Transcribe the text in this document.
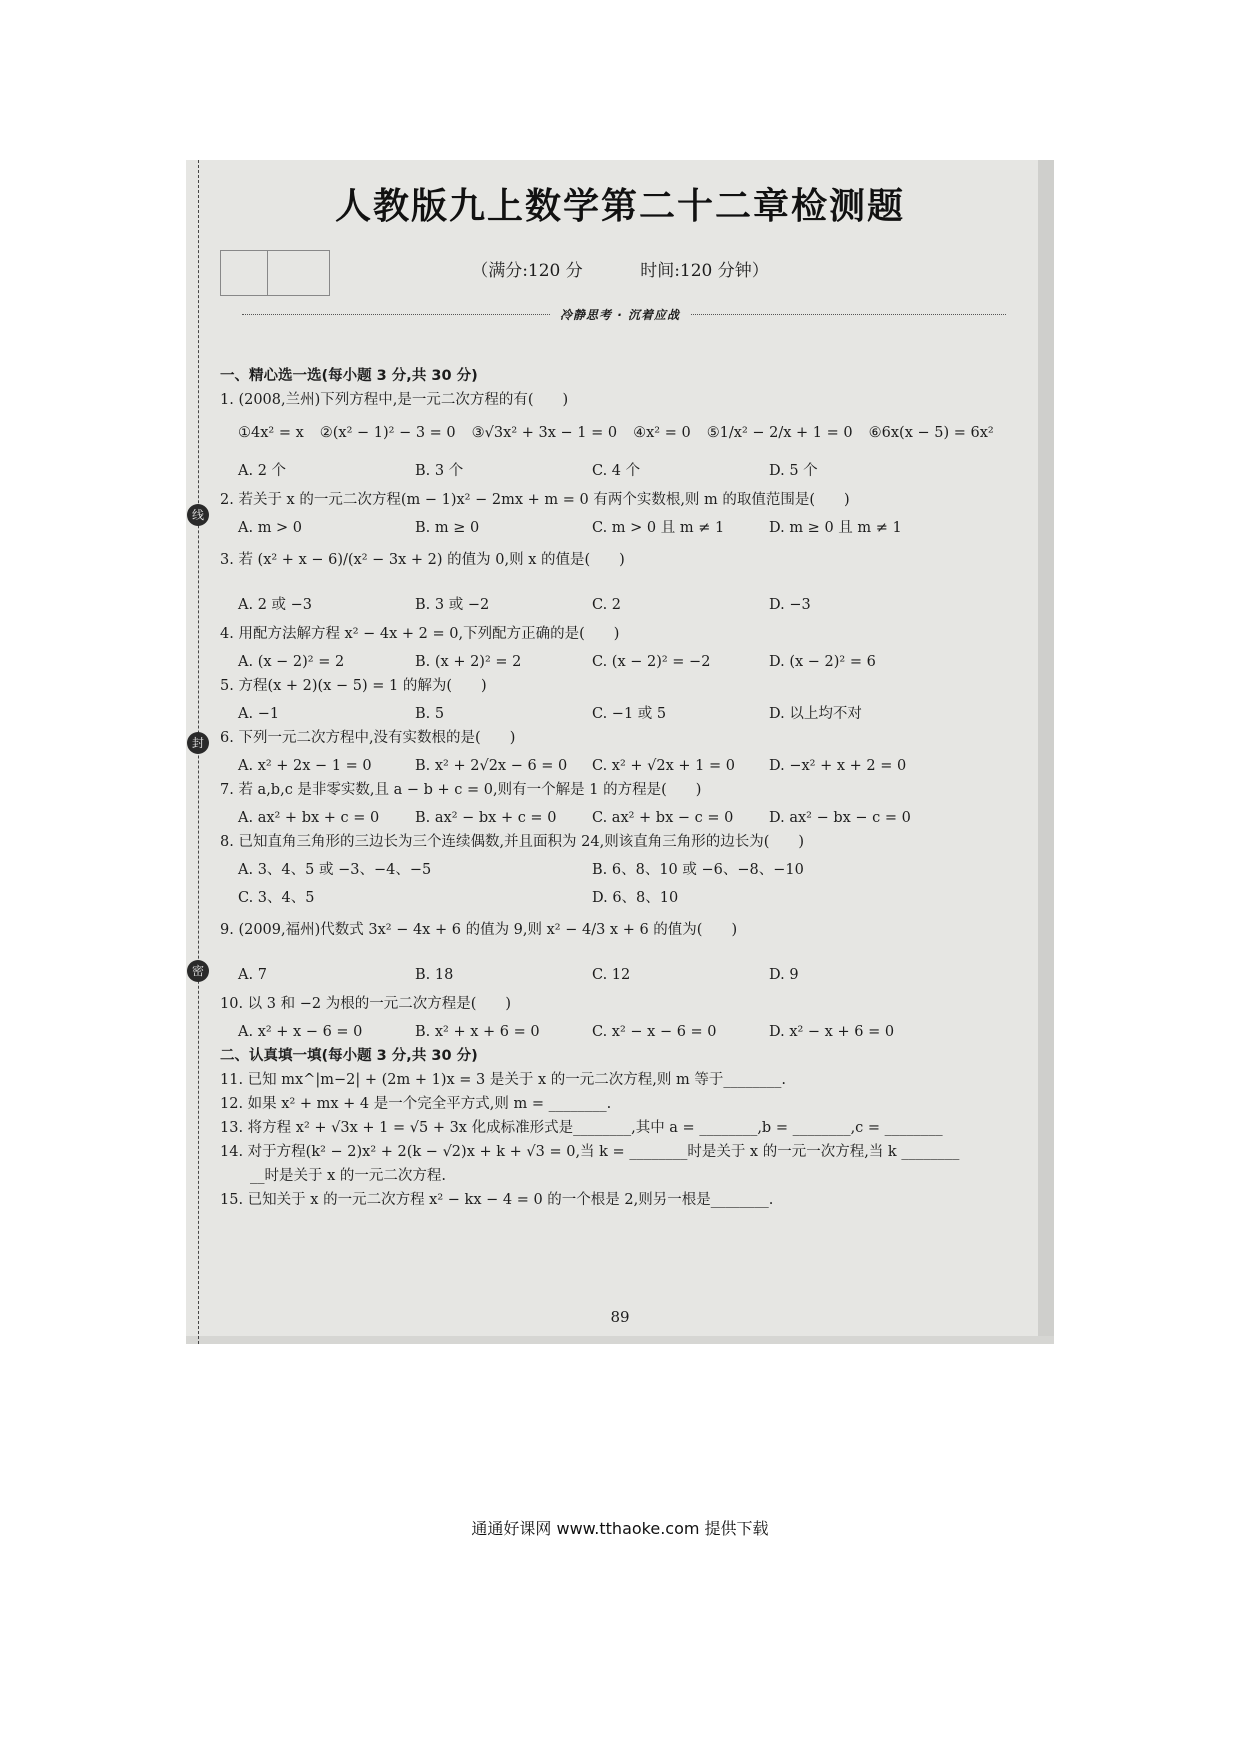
线
封
密
人教版九上数学第二十二章检测题
（满分:120 分	时间:120 分钟）
冷静思考 · 沉着应战
一、精心选一选(每小题 3 分,共 30 分)
1. (2008,兰州)下列方程中,是一元二次方程的有(　　)
①4x² = x ②(x² − 1)² − 3 = 0 ③√3x² + 3x − 1 = 0 ④x² = 0 ⑤1/x² − 2/x + 1 = 0 ⑥6x(x − 5) = 6x²
A. 2 个	B. 3 个	C. 4 个	D. 5 个
2. 若关于 x 的一元二次方程(m − 1)x² − 2mx + m = 0 有两个实数根,则 m 的取值范围是(　　)
A. m > 0	B. m ≥ 0	C. m > 0 且 m ≠ 1	D. m ≥ 0 且 m ≠ 1
3. 若 (x² + x − 6)/(x² − 3x + 2) 的值为 0,则 x 的值是(　　)
A. 2 或 −3	B. 3 或 −2	C. 2	D. −3
4. 用配方法解方程 x² − 4x + 2 = 0,下列配方正确的是(　　)
A. (x − 2)² = 2	B. (x + 2)² = 2	C. (x − 2)² = −2	D. (x − 2)² = 6
5. 方程(x + 2)(x − 5) = 1 的解为(　　)
A. −1	B. 5	C. −1 或 5	D. 以上均不对
6. 下列一元二次方程中,没有实数根的是(　　)
A. x² + 2x − 1 = 0	B. x² + 2√2x − 6 = 0	C. x² + √2x + 1 = 0	D. −x² + x + 2 = 0
7. 若 a,b,c 是非零实数,且 a − b + c = 0,则有一个解是 1 的方程是(　　)
A. ax² + bx + c = 0	B. ax² − bx + c = 0	C. ax² + bx − c = 0	D. ax² − bx − c = 0
8. 已知直角三角形的三边长为三个连续偶数,并且面积为 24,则该直角三角形的边长为(　　)
A. 3、4、5 或 −3、−4、−5	B. 6、8、10 或 −6、−8、−10
C. 3、4、5	D. 6、8、10
9. (2009,福州)代数式 3x² − 4x + 6 的值为 9,则 x² − 4/3 x + 6 的值为(　　)
A. 7	B. 18	C. 12	D. 9
10. 以 3 和 −2 为根的一元二次方程是(　　)
A. x² + x − 6 = 0	B. x² + x + 6 = 0	C. x² − x − 6 = 0	D. x² − x + 6 = 0
二、认真填一填(每小题 3 分,共 30 分)
11. 已知 mx^|m−2| + (2m + 1)x = 3 是关于 x 的一元二次方程,则 m 等于________.
12. 如果 x² + mx + 4 是一个完全平方式,则 m = ________.
13. 将方程 x² + √3x + 1 = √5 + 3x 化成标准形式是________,其中 a = ________,b = ________,c = ________
14. 对于方程(k² − 2)x² + 2(k − √2)x + k + √3 = 0,当 k = ________时是关于 x 的一元一次方程,当 k ________
__时是关于 x 的一元二次方程.
15. 已知关于 x 的一元二次方程 x² − kx − 4 = 0 的一个根是 2,则另一根是________.
89
通通好课网 www.tthaoke.com 提供下载
